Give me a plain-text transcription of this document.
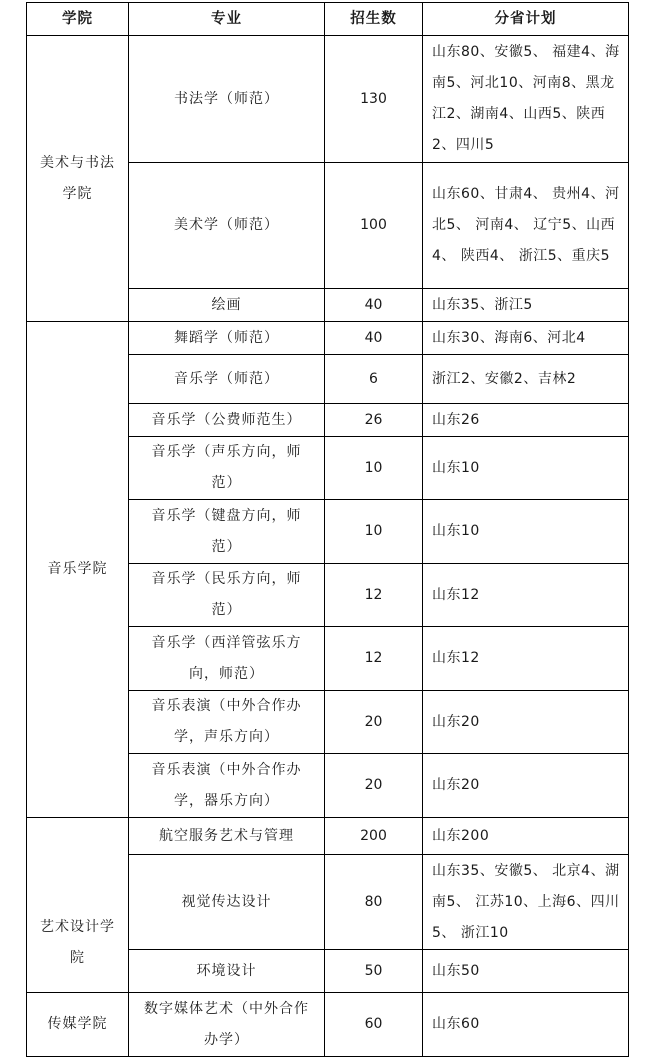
学院	专业	招生数	分省计划
美术与书法学院	书法学（师范）	130	山东80、安徽5、 福建4、海南5、河北10、河南8、黑龙江2、湖南4、山西5、陕西2、四川5
	美术学（师范）	100	山东60、甘肃4、 贵州4、河北5、 河南4、 辽宁5、山西4、 陕西4、 浙江5、重庆5
	绘画	40	山东35、浙江5
音乐学院	舞蹈学（师范）	40	山东30、海南6、河北4
	音乐学（师范）	6	浙江2、安徽2、吉林2
	音乐学（公费师范生）	26	山东26
	音乐学（声乐方向，师范）	10	山东10
	音乐学（键盘方向，师范）	10	山东10
	音乐学（民乐方向，师范）	12	山东12
	音乐学（西洋管弦乐方向，师范）	12	山东12
	音乐表演（中外合作办学，声乐方向）	20	山东20
	音乐表演（中外合作办学，器乐方向）	20	山东20
艺术设计学院	航空服务艺术与管理	200	山东200
	视觉传达设计	80	山东35、安徽5、 北京4、湖南5、 江苏10、上海6、四川5、 浙江10
	环境设计	50	山东50
传媒学院	数字媒体艺术（中外合作办学）	60	山东60
